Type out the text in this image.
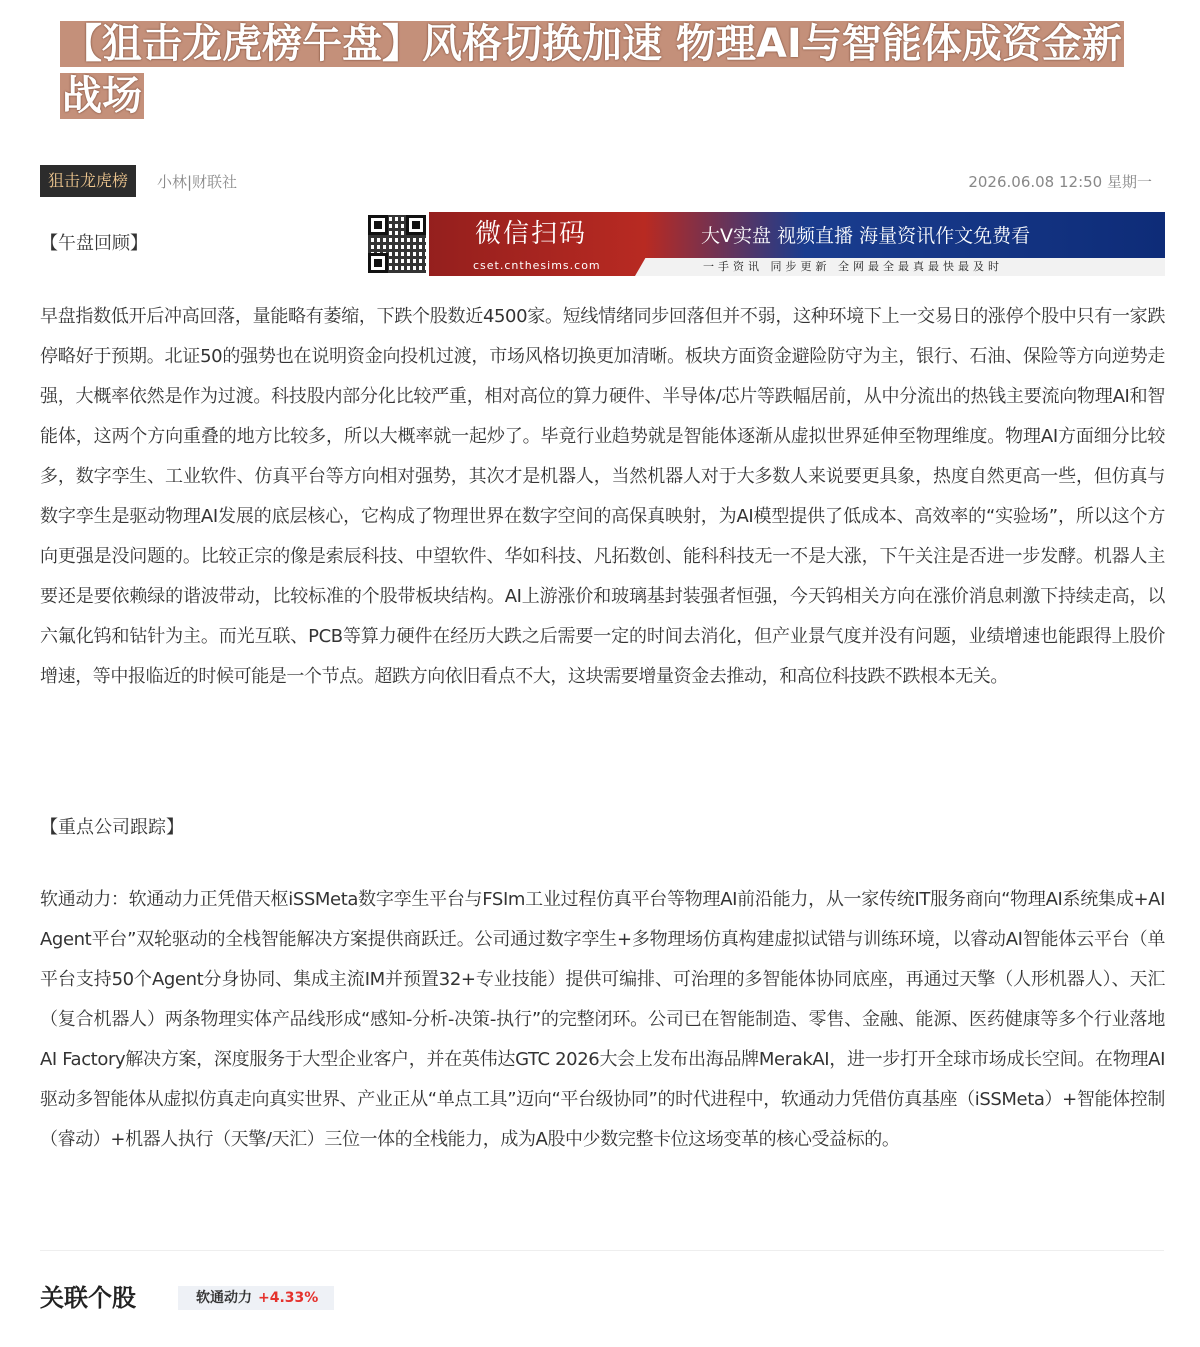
【狙击龙虎榜午盘】风格切换加速 物理AI与智能体成资金新战场
狙击龙虎榜	小林|财联社	2026.06.08 12:50 星期一
【午盘回顾】	微信扫码
cset.cnthesims.com
大V实盘 视频直播 海量资讯作文免费看
一手资讯 同步更新 全网最全最真最快最及时

早盘指数低开后冲高回落，量能略有萎缩，下跌个股数近4500家。短线情绪同步回落但并不弱，这种环境下上一交易日的涨停个股中只有一家跌停略好于预期。北证50的强势也在说明资金向投机过渡，市场风格切换更加清晰。板块方面资金避险防守为主，银行、石油、保险等方向逆势走强，大概率依然是作为过渡。科技股内部分化比较严重，相对高位的算力硬件、半导体/芯片等跌幅居前，从中分流出的热钱主要流向物理AI和智能体，这两个方向重叠的地方比较多，所以大概率就一起炒了。毕竟行业趋势就是智能体逐渐从虚拟世界延伸至物理维度。物理AI方面细分比较多，数字孪生、工业软件、仿真平台等方向相对强势，其次才是机器人，当然机器人对于大多数人来说要更具象，热度自然更高一些，但仿真与数字孪生是驱动物理AI发展的底层核心，它构成了物理世界在数字空间的高保真映射，为AI模型提供了低成本、高效率的“实验场”，所以这个方向更强是没问题的。比较正宗的像是索辰科技、中望软件、华如科技、凡拓数创、能科科技无一不是大涨，下午关注是否进一步发酵。机器人主要还是要依赖绿的谐波带动，比较标准的个股带板块结构。AI上游涨价和玻璃基封装强者恒强，今天钨相关方向在涨价消息刺激下持续走高，以六氟化钨和钻针为主。而光互联、PCB等算力硬件在经历大跌之后需要一定的时间去消化，但产业景气度并没有问题，业绩增速也能跟得上股价增速，等中报临近的时候可能是一个节点。超跌方向依旧看点不大，这块需要增量资金去推动，和高位科技跌不跌根本无关。

【重点公司跟踪】

软通动力：软通动力正凭借天枢iSSMeta数字孪生平台与FSIm工业过程仿真平台等物理AI前沿能力，从一家传统IT服务商向“物理AI系统集成+AI Agent平台”双轮驱动的全栈智能解决方案提供商跃迁。公司通过数字孪生+多物理场仿真构建虚拟试错与训练环境，以睿动AI智能体云平台（单平台支持50个Agent分身协同、集成主流IM并预置32+专业技能）提供可编排、可治理的多智能体协同底座，再通过天擎（人形机器人）、天汇（复合机器人）两条物理实体产品线形成“感知-分析-决策-执行”的完整闭环。公司已在智能制造、零售、金融、能源、医药健康等多个行业落地AI Factory解决方案，深度服务于大型企业客户，并在英伟达GTC 2026大会上发布出海品牌MerakAI，进一步打开全球市场成长空间。在物理AI驱动多智能体从虚拟仿真走向真实世界、产业正从“单点工具”迈向“平台级协同”的时代进程中，软通动力凭借仿真基座（iSSMeta）+智能体控制（睿动）+机器人执行（天擎/天汇）三位一体的全栈能力，成为A股中少数完整卡位这场变革的核心受益标的。

关联个股	软通动力 +4.33%
